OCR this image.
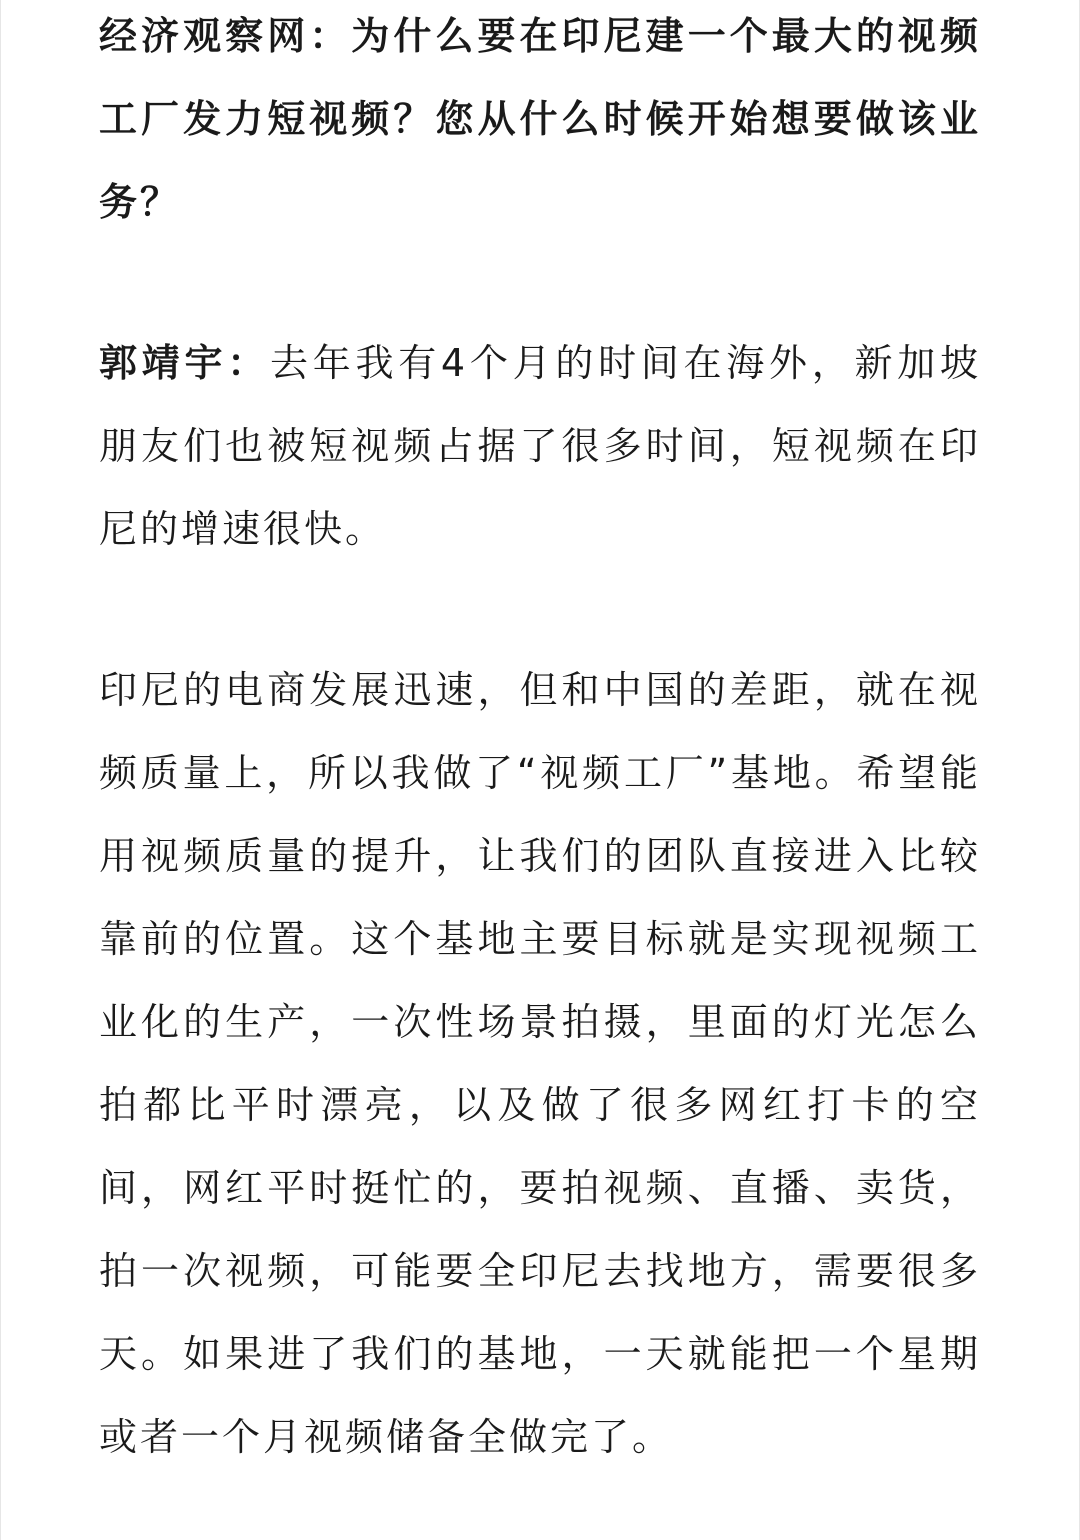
经济观察网：为什么要在印尼建一个最大的视频工厂发力短视频？您从什么时候开始想要做该业务？

郭靖宇：去年我有4个月的时间在海外，新加坡朋友们也被短视频占据了很多时间，短视频在印尼的增速很快。

印尼的电商发展迅速，但和中国的差距，就在视频质量上，所以我做了“视频工厂”基地。希望能用视频质量的提升，让我们的团队直接进入比较靠前的位置。这个基地主要目标就是实现视频工业化的生产，一次性场景拍摄，里面的灯光怎么拍都比平时漂亮，以及做了很多网红打卡的空间，网红平时挺忙的，要拍视频、直播、卖货，拍一次视频，可能要全印尼去找地方，需要很多天。如果进了我们的基地，一天就能把一个星期或者一个月视频储备全做完了。
